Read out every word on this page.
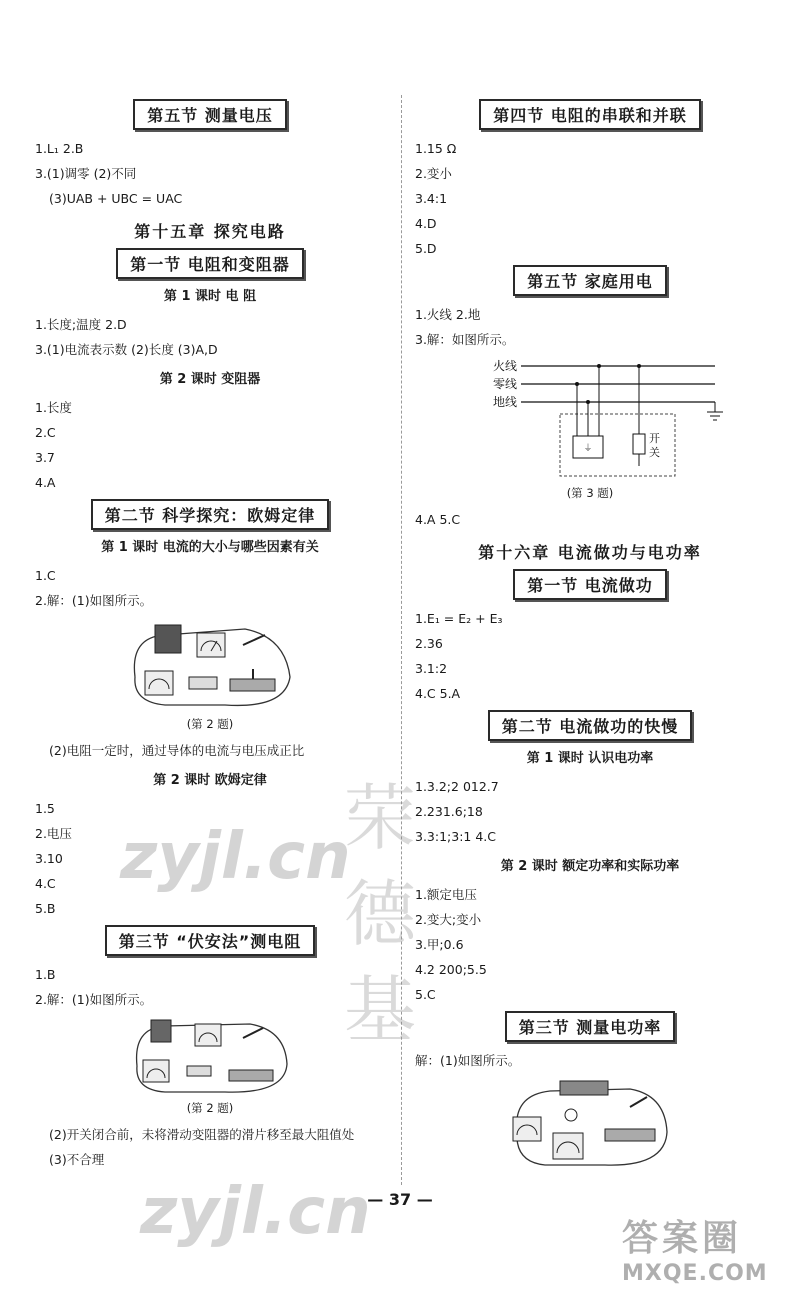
第五节 测量电压

1.L₁ 2.B

3.(1)调零 (2)不同

(3)UAB + UBC = UAC

第十五章 探究电路
第一节 电阻和变阻器
第 1 课时 电 阻

1.长度;温度 2.D

3.(1)电流表示数 (2)长度 (3)A,D

第 2 课时 变阻器

1.长度

2.C

3.7

4.A

第二节 科学探究：欧姆定律
第 1 课时 电流的大小与哪些因素有关

1.C

2.解：(1)如图所示。

(第 2 题)

(2)电阻一定时，通过导体的电流与电压成正比

第 2 课时 欧姆定律

1.5

2.电压

3.10

4.C

5.B

第三节 “伏安法”测电阻

1.B

2.解：(1)如图所示。

(第 2 题)

(2)开关闭合前，未将滑动变阻器的滑片移至最大阻值处

(3)不合理

第四节 电阻的串联和并联

1.15 Ω

2.变小

3.4:1

4.D

5.D

第五节 家庭用电

1.火线 2.地

3.解：如图所示。

火线
零线
地线
⏚
开
关
(第 3 题)

4.A 5.C

第十六章 电流做功与电功率
第一节 电流做功

1.E₁ = E₂ + E₃

2.36

3.1:2

4.C 5.A

第二节 电流做功的快慢
第 1 课时 认识电功率

1.3.2;2 012.7

2.231.6;18

3.3:1;3:1 4.C

第 2 课时 额定功率和实际功率

1.额定电压

2.变大;变小

3.甲;0.6

4.2 200;5.5

5.C

第三节 测量电功率

解：(1)如图所示。

— 37 —
zyjl.cn
zyjl.cn
荣
德
基
答案圈
MXQE.COM
